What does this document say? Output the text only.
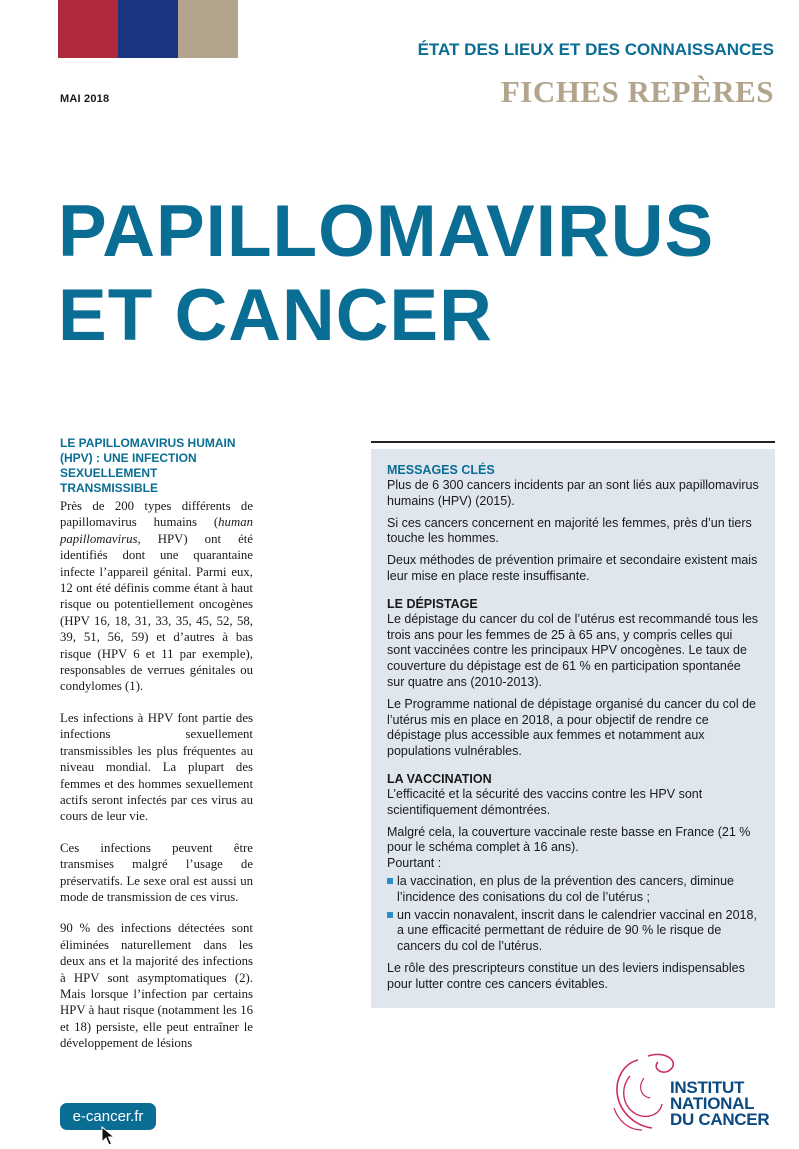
MAI 2018
ÉTAT DES LIEUX ET DES CONNAISSANCES
FICHES REPÈRES
PAPILLOMAVIRUS
ET CANCER
LE PAPILLOMAVIRUS HUMAIN
(HPV) : UNE INFECTION
SEXUELLEMENT TRANSMISSIBLE

Près de 200 types différents de papillomavirus humains (human papillomavirus, HPV) ont été identifiés dont une quarantaine infecte l’appareil génital. Parmi eux, 12 ont été définis comme étant à haut risque ou potentiellement oncogènes (HPV 16, 18, 31, 33, 35, 45, 52, 58, 39, 51, 56, 59) et d’autres à bas risque (HPV 6 et 11 par exemple), responsables de verrues génitales ou condylomes (1).

Les infections à HPV font partie des infections sexuellement transmissibles les plus fréquentes au niveau mondial. La plupart des femmes et des hommes sexuellement actifs seront infectés par ces virus au cours de leur vie.

Ces infections peuvent être transmises malgré l’usage de préservatifs. Le sexe oral est aussi un mode de transmission de ces virus.

90 % des infections détectées sont éliminées naturellement dans les deux ans et la majorité des infections à HPV sont asymptomatiques (2). Mais lorsque l’infection par certains HPV à haut risque (notamment les 16 et 18) persiste, elle peut entraîner le développement de lésions

MESSAGES CLÉS

Plus de 6 300 cancers incidents par an sont liés aux papillomavirus humains (HPV) (2015).

Si ces cancers concernent en majorité les femmes, près d’un tiers touche les hommes.

Deux méthodes de prévention primaire et secondaire existent mais leur mise en place reste insuffisante.

LE DÉPISTAGE

Le dépistage du cancer du col de l’utérus est recommandé tous les trois ans pour les femmes de 25 à 65 ans, y compris celles qui sont vaccinées contre les principaux HPV oncogènes. Le taux de couverture du dépistage est de 61 % en participation spontanée sur quatre ans (2010-2013).

Le Programme national de dépistage organisé du cancer du col de l’utérus mis en place en 2018, a pour objectif de rendre ce dépistage plus accessible aux femmes et notamment aux populations vulnérables.

LA VACCINATION

L’efficacité et la sécurité des vaccins contre les HPV sont scientifiquement démontrées.

Malgré cela, la couverture vaccinale reste basse en France (21 % pour le schéma complet à 16 ans).

Pourtant :

la vaccination, en plus de la prévention des cancers, diminue l’incidence des conisations du col de l’utérus ;
un vaccin nonavalent, inscrit dans le calendrier vaccinal en 2018, a une efficacité permettant de réduire de 90 % le risque de cancers du col de l’utérus.

Le rôle des prescripteurs constitue un des leviers indispensables pour lutter contre ces cancers évitables.

e-cancer.fr
INSTITUT
NATIONAL
DU CANCER
